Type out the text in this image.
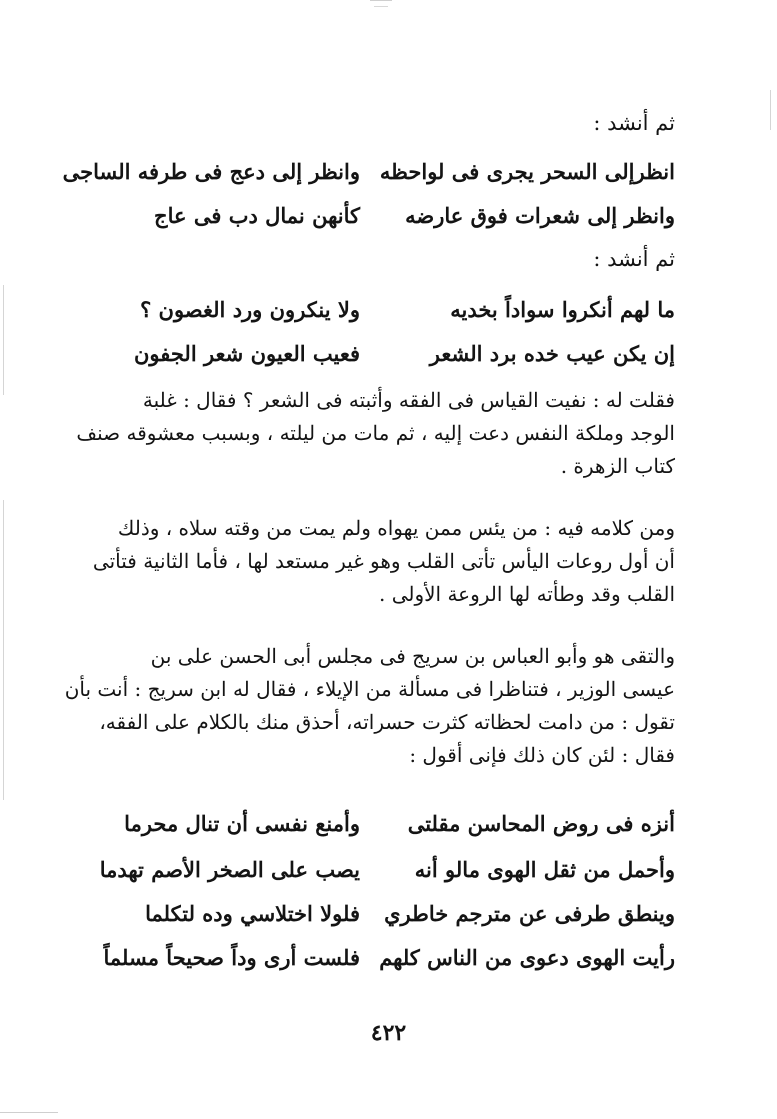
ثم أنشد :

انظرإلى السحر يجرى فى لواحظه
وانظر إلى دعج فى طرفه الساجى
وانظر إلى شعرات فوق عارضه
كأنهن نمال دب فى عاج

ثم أنشد :

ما لهم أنكروا سواداً بخديه
ولا ينكرون ورد الغصون ؟
إن يكن عيب خده برد الشعر
فعيب العيون شعر الجفون

فقلت له : نفيت القياس فى الفقه وأثبته فى الشعر ؟ فقال : غلبة
الوجد وملكة النفس دعت إليه ، ثم مات من ليلته ، وبسبب معشوقه صنف
كتاب الزهرة .

ومن كلامه فيه : من يئس ممن يهواه ولم يمت من وقته سلاه ، وذلك
أن أول روعات اليأس تأتى القلب وهو غير مستعد لها ، فأما الثانية فتأتى
القلب وقد وطأته لها الروعة الأولى .

والتقى هو وأبو العباس بن سريج فى مجلس أبى الحسن على بن
عيسى الوزير ، فتناظرا فى مسألة من الإيلاء ، فقال له ابن سريج : أنت بأن
تقول : من دامت لحظاته كثرت حسراته، أحذق منك بالكلام على الفقه،
فقال : لئن كان ذلك فإنى أقول :

أنزه فى روض المحاسن مقلتى
وأمنع نفسى أن تنال محرما
وأحمل من ثقل الهوى مالو أنه
يصب على الصخر الأصم تهدما
وينطق طرفى عن مترجم خاطري
فلولا اختلاسي وده لتكلما
رأيت الهوى دعوى من الناس كلهم
فلست أرى وداً صحيحاً مسلماً
٤٢٢
